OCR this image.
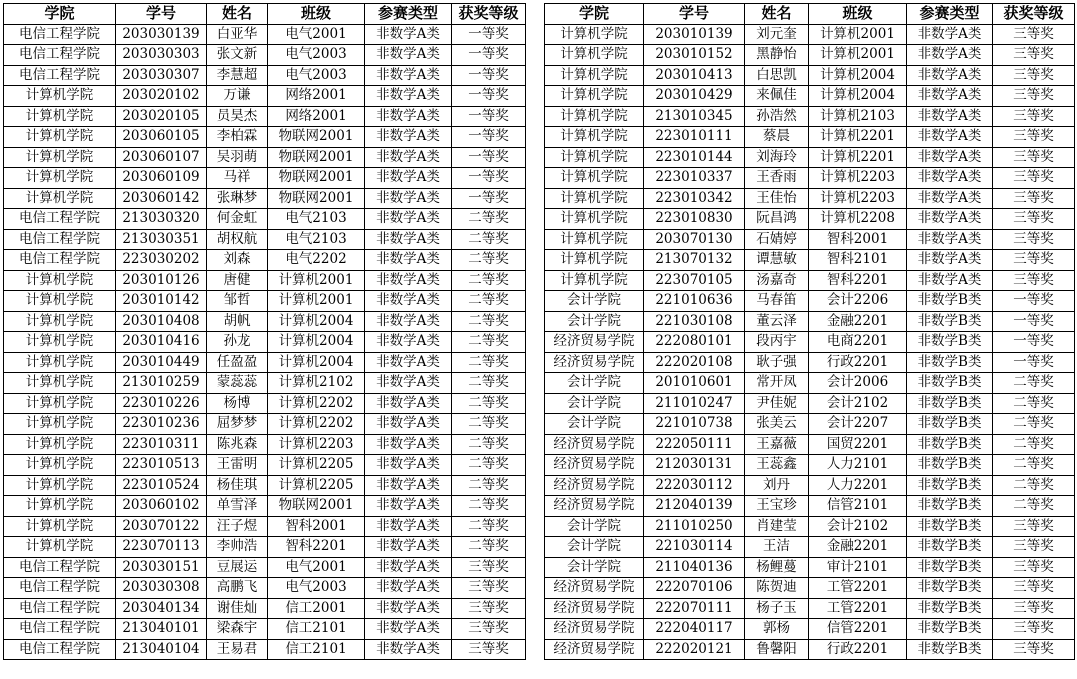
学院	学号	姓名	班级	参赛类型	获奖等级
电信工程学院	203030139	白亚华	电气2001	非数学A类	一等奖
电信工程学院	203030303	张文新	电气2003	非数学A类	一等奖
电信工程学院	203030307	李慧超	电气2003	非数学A类	一等奖
计算机学院	203020102	万谦	网络2001	非数学A类	一等奖
计算机学院	203020105	员昊杰	网络2001	非数学A类	一等奖
计算机学院	203060105	李柏霖	物联网2001	非数学A类	一等奖
计算机学院	203060107	吴羽萌	物联网2001	非数学A类	一等奖
计算机学院	203060109	马祥	物联网2001	非数学A类	一等奖
计算机学院	203060142	张琳梦	物联网2001	非数学A类	一等奖
电信工程学院	213030320	何金虹	电气2103	非数学A类	二等奖
电信工程学院	213030351	胡权航	电气2103	非数学A类	二等奖
电信工程学院	223030202	刘森	电气2202	非数学A类	二等奖
计算机学院	203010126	唐健	计算机2001	非数学A类	二等奖
计算机学院	203010142	邹哲	计算机2001	非数学A类	二等奖
计算机学院	203010408	胡帆	计算机2004	非数学A类	二等奖
计算机学院	203010416	孙龙	计算机2004	非数学A类	二等奖
计算机学院	203010449	任盈盈	计算机2004	非数学A类	二等奖
计算机学院	213010259	蒙蕊蕊	计算机2102	非数学A类	二等奖
计算机学院	223010226	杨博	计算机2202	非数学A类	二等奖
计算机学院	223010236	屈梦梦	计算机2202	非数学A类	二等奖
计算机学院	223010311	陈兆森	计算机2203	非数学A类	二等奖
计算机学院	223010513	王雷明	计算机2205	非数学A类	二等奖
计算机学院	223010524	杨佳琪	计算机2205	非数学A类	二等奖
计算机学院	203060102	单雪泽	物联网2001	非数学A类	二等奖
计算机学院	203070122	汪子煜	智科2001	非数学A类	二等奖
计算机学院	223070113	李帅浩	智科2201	非数学A类	二等奖
电信工程学院	203030151	豆展运	电气2001	非数学A类	三等奖
电信工程学院	203030308	高鹏飞	电气2003	非数学A类	三等奖
电信工程学院	203040134	谢佳灿	信工2001	非数学A类	三等奖
电信工程学院	213040101	梁森宇	信工2101	非数学A类	三等奖
电信工程学院	213040104	王易君	信工2101	非数学A类	三等奖
学院	学号	姓名	班级	参赛类型	获奖等级
计算机学院	203010139	刘元奎	计算机2001	非数学A类	三等奖
计算机学院	203010152	黑静怡	计算机2001	非数学A类	三等奖
计算机学院	203010413	白思凯	计算机2004	非数学A类	三等奖
计算机学院	203010429	来佩佳	计算机2004	非数学A类	三等奖
计算机学院	213010345	孙浩然	计算机2103	非数学A类	三等奖
计算机学院	223010111	蔡晨	计算机2201	非数学A类	三等奖
计算机学院	223010144	刘海玲	计算机2201	非数学A类	三等奖
计算机学院	223010337	王香雨	计算机2203	非数学A类	三等奖
计算机学院	223010342	王佳怡	计算机2203	非数学A类	三等奖
计算机学院	223010830	阮昌鸿	计算机2208	非数学A类	三等奖
计算机学院	203070130	石婧婷	智科2001	非数学A类	三等奖
计算机学院	213070132	谭慧敏	智科2101	非数学A类	三等奖
计算机学院	223070105	汤嘉奇	智科2201	非数学A类	三等奖
会计学院	221010636	马春笛	会计2206	非数学B类	一等奖
会计学院	221030108	董云泽	金融2201	非数学B类	一等奖
经济贸易学院	222080101	段丙宇	电商2201	非数学B类	一等奖
经济贸易学院	222020108	耿子强	行政2201	非数学B类	一等奖
会计学院	201010601	常开凤	会计2006	非数学B类	二等奖
会计学院	211010247	尹佳妮	会计2102	非数学B类	二等奖
会计学院	221010738	张美云	会计2207	非数学B类	二等奖
经济贸易学院	222050111	王嘉薇	国贸2201	非数学B类	二等奖
经济贸易学院	212030131	王蕊鑫	人力2101	非数学B类	二等奖
经济贸易学院	222030112	刘丹	人力2201	非数学B类	二等奖
经济贸易学院	212040139	王宝珍	信管2101	非数学B类	二等奖
会计学院	211010250	肖建莹	会计2102	非数学B类	三等奖
会计学院	221030114	王洁	金融2201	非数学B类	三等奖
会计学院	211040136	杨鲤蔓	审计2101	非数学B类	三等奖
经济贸易学院	222070106	陈贺迪	工管2201	非数学B类	三等奖
经济贸易学院	222070111	杨子玉	工管2201	非数学B类	三等奖
经济贸易学院	222040117	郭杨	信管2201	非数学B类	三等奖
经济贸易学院	222020121	鲁馨阳	行政2201	非数学B类	三等奖
